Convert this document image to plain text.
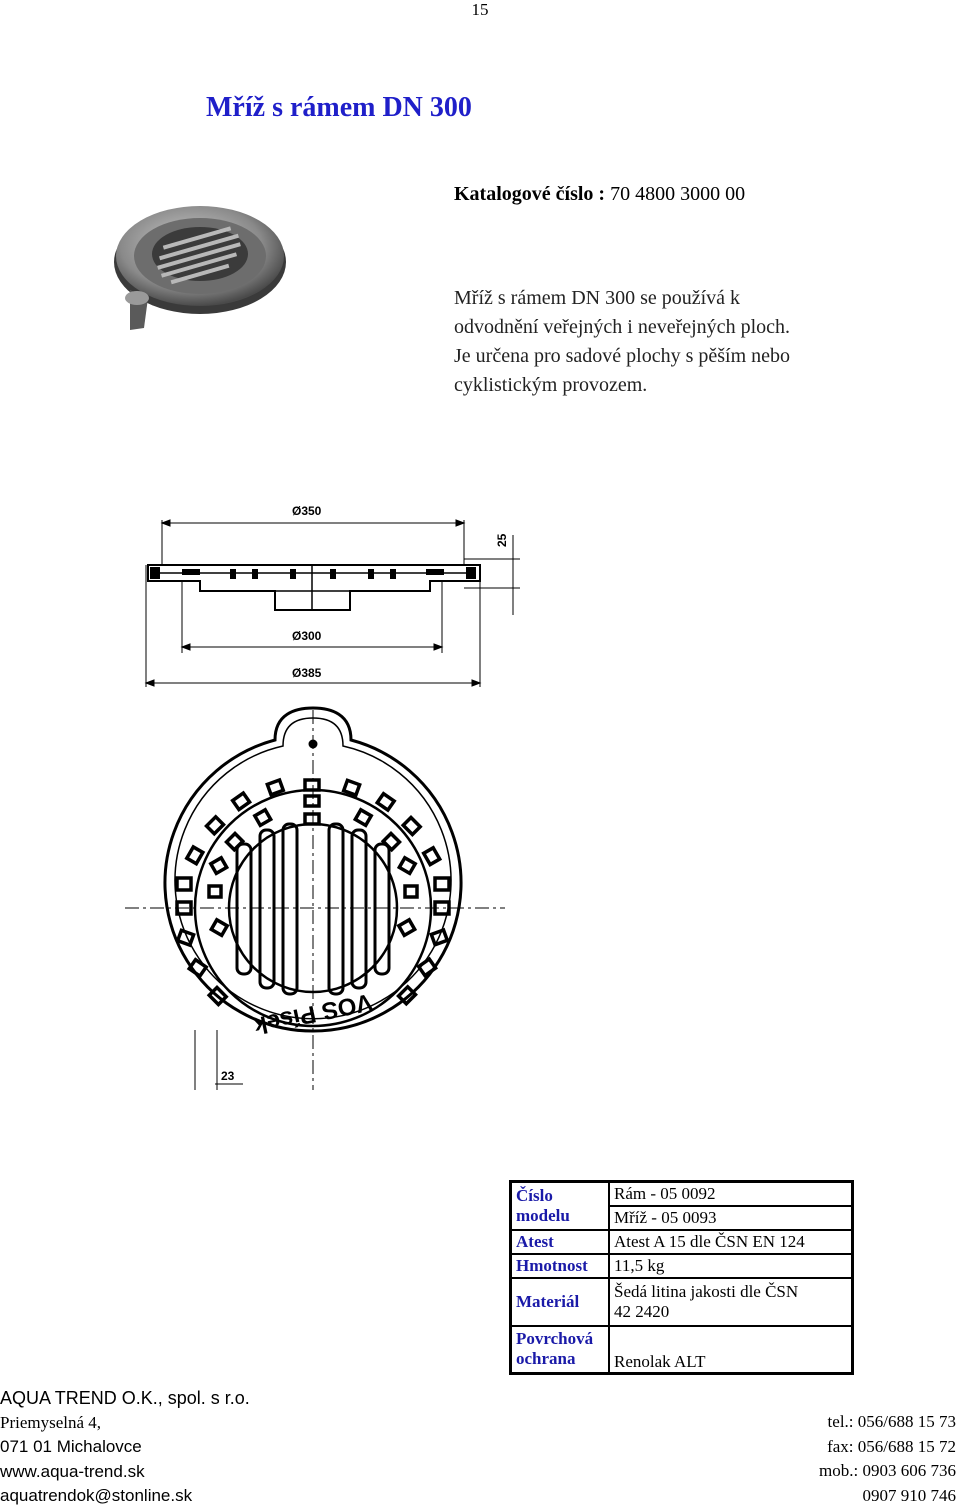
15
Mříž s rámem DN 300
Katalogové číslo : 70 4800 3000 00
Mříž s rámem DN 300 se používá k
odvodnění veřejných i neveřejných ploch.
Je určena pro sadové plochy s pěším nebo
cyklistickým provozem.
Ø350
25
Ø300
Ø385
VOS Písek
23
Číslo modelu	Rám - 05 0092
	Mříž - 05 0093
Atest	Atest A 15 dle ČSN EN 124
Hmotnost	11,5 kg
Materiál	Šedá litina jakosti dle ČSN
42 2420

Povrchová
ochrana	Renolak ALT
AQUA TREND O.K., spol. s r.o.
Priemyselná 4,
071 01 Michalovce
www.aqua-trend.sk
aquatrendok@stonline.sk
tel.: 056/688 15 73
fax: 056/688 15 72
mob.: 0903 606 736
0907 910 746
